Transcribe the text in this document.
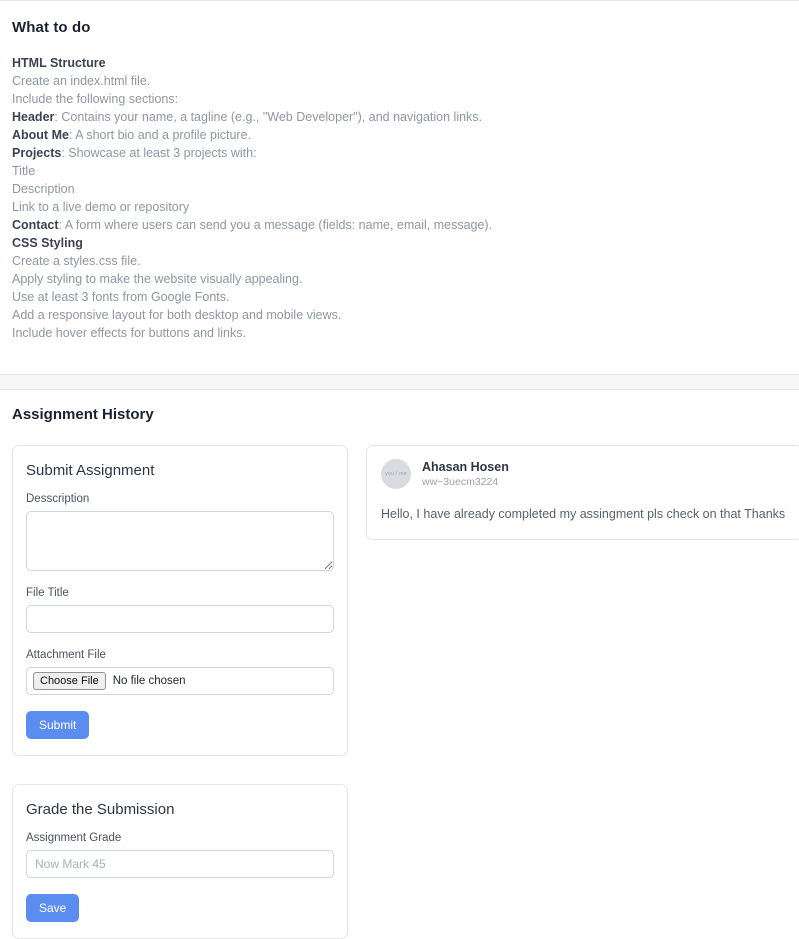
What to do
HTML Structure
Create an index.html file.
Include the following sections:
Header: Contains your name, a tagline (e.g., "Web Developer"), and navigation links.
About Me: A short bio and a profile picture.
Projects: Showcase at least 3 projects with:
Title
Description
Link to a live demo or repository
Contact: A form where users can send you a message (fields: name, email, message).
CSS Styling
Create a styles.css file.
Apply styling to make the website visually appealing.
Use at least 3 fonts from Google Fonts.
Add a responsive layout for both desktop and mobile views.
Include hover effects for buttons and links.
Assignment History
Submit Assignment
Desscription
File Title
Attachment File
Choose File	No file chosen
Submit
Grade the Submission
Assignment Grade
Now Mark 45 Save
you / me
Ahasan Hosen
ww~3uecm3224
Hello, I have already completed my assingment pls check on that Thanks
